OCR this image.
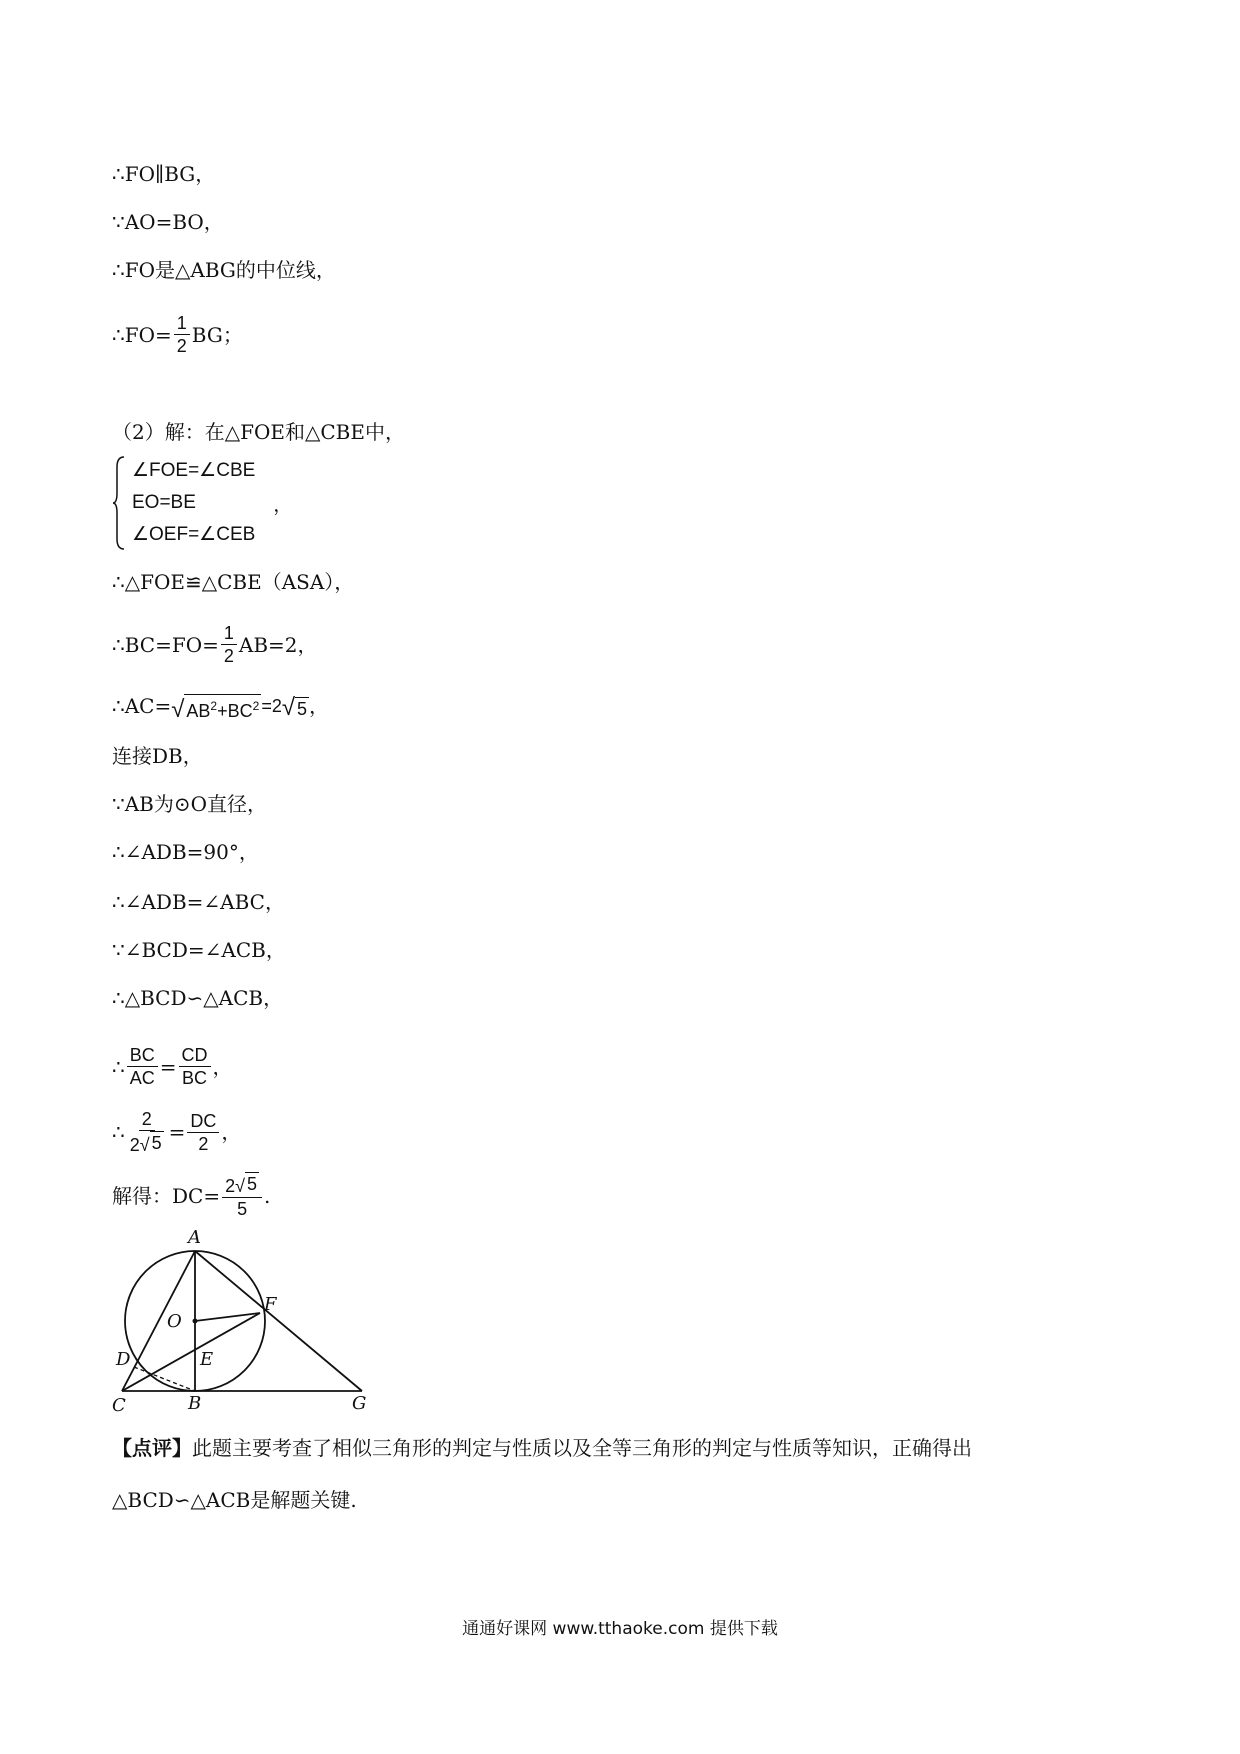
∴FO∥BG，
∵AO=BO，
∴FO是△ABG的中位线，
∴FO= $\frac{1}{2}$ BG；
（2）解：在△FOE和△CBE中，
∠FOE=∠CBE
EO=BE
∠OEF=∠CEB
，
∴△FOE≌△CBE（ASA），
∴BC=FO= $\frac{1}{2} AB=2$，
∴AC= √ $AB^2+BC^2 =2$ √ 5 ，
连接DB，
∵AB为⊙O直径，
∴∠ADB=90°，
∴∠ADB=∠ABC，
∵∠BCD=∠ACB，
∴△BCD∽△ACB，
∴ $\frac{BC}{AC} = \frac{CD}{BC}$ ，
∴ $\frac{2}{2 √ 5} = \frac{DC}{2}$ ，
解得：$DC= \frac{2 √ 5}{5}$ .
A
O
F
D	E
C	B	G
【点评】 此题主要考查了相似三角形的判定与性质以及全等三角形的判定与性质等知识，正确得出
△BCD∽△ACB是解题关键.
通通好课网 www.tthaoke.com 提供下载
